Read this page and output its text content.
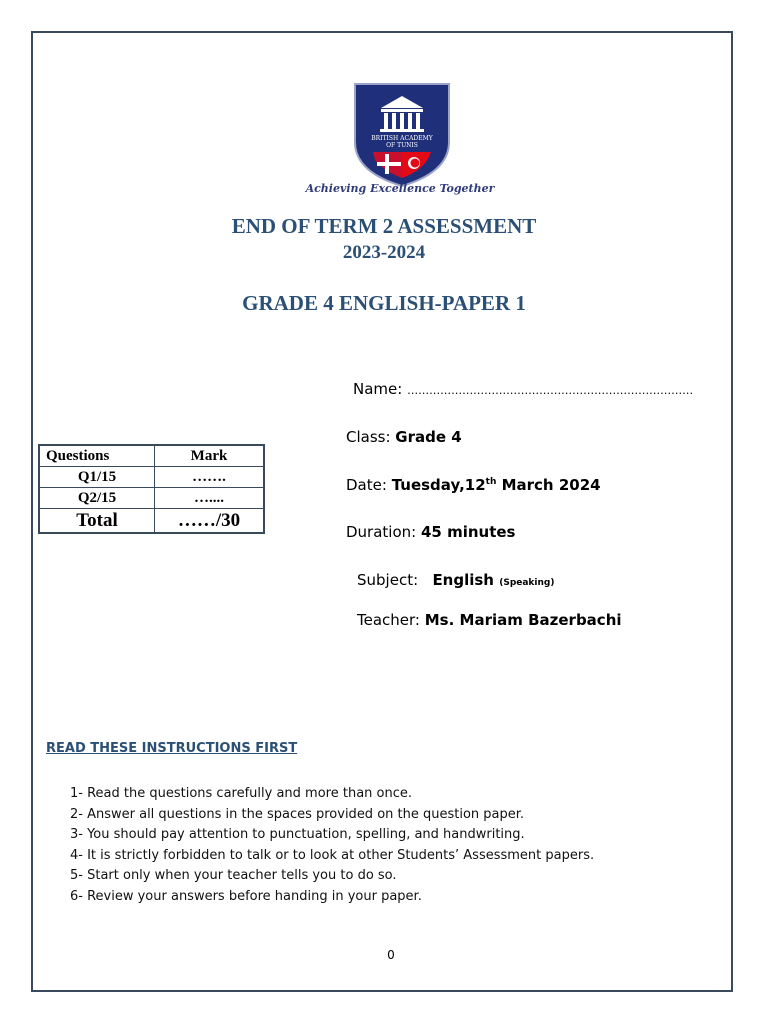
BRITISH ACADEMY
OF TUNIS
Achieving Excellence Together
END OF TERM 2 ASSESSMENT
2023-2024
GRADE 4 ENGLISH-PAPER 1
Name: ……………………………………………………………………
Class: Grade 4
Date: Tuesday,12th March 2024
Duration: 45 minutes
Subject:   English (Speaking)
Teacher: Ms. Mariam Bazerbachi
Questions	Mark
Q1/15	…….
Q2/15	…....
Total	……/30
READ THESE INSTRUCTIONS FIRST
1- Read the questions carefully and more than once.
2- Answer all questions in the spaces provided on the question paper.
3- You should pay attention to punctuation, spelling, and handwriting.
4- It is strictly forbidden to talk or to look at other Students’ Assessment papers.
5- Start only when your teacher tells you to do so.
6- Review your answers before handing in your paper.
0
